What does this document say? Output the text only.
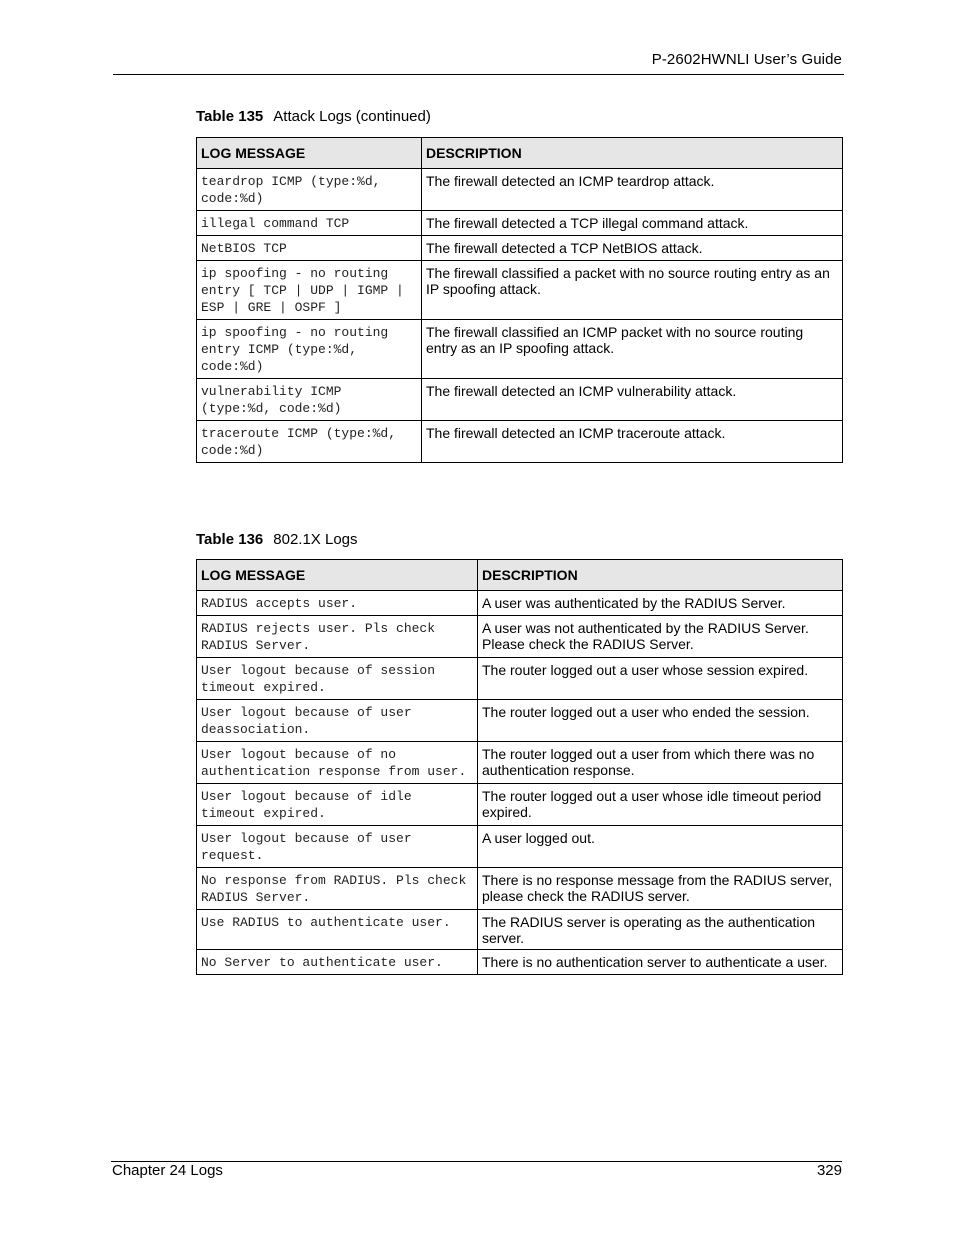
P-2602HWNLI User’s Guide
Table 135 Attack Logs (continued)
LOG MESSAGE	DESCRIPTION
teardrop ICMP (type:%d, code:%d)	The firewall detected an ICMP teardrop attack.
illegal command TCP	The firewall detected a TCP illegal command attack.
NetBIOS TCP	The firewall detected a TCP NetBIOS attack.
ip spoofing - no routing entry [ TCP | UDP | IGMP | ESP | GRE | OSPF ]	The firewall classified a packet with no source routing entry as an IP spoofing attack.
ip spoofing - no routing entry ICMP (type:%d, code:%d)	The firewall classified an ICMP packet with no source routing entry as an IP spoofing attack.
vulnerability ICMP (type:%d, code:%d)	The firewall detected an ICMP vulnerability attack.
traceroute ICMP (type:%d, code:%d)	The firewall detected an ICMP traceroute attack.
Table 136 802.1X Logs
LOG MESSAGE	DESCRIPTION
RADIUS accepts user.	A user was authenticated by the RADIUS Server.
RADIUS rejects user. Pls check RADIUS Server.	A user was not authenticated by the RADIUS Server. Please check the RADIUS Server.
User logout because of session timeout expired.	The router logged out a user whose session expired.
User logout because of user deassociation.	The router logged out a user who ended the session.
User logout because of no authentication response from user.	The router logged out a user from which there was no authentication response.
User logout because of idle timeout expired.	The router logged out a user whose idle timeout period expired.
User logout because of user request.	A user logged out.
No response from RADIUS. Pls check RADIUS Server.	There is no response message from the RADIUS server, please check the RADIUS server.
Use RADIUS to authenticate user.	The RADIUS server is operating as the authentication server.
No Server to authenticate user.	There is no authentication server to authenticate a user.
Chapter 24 Logs	329
